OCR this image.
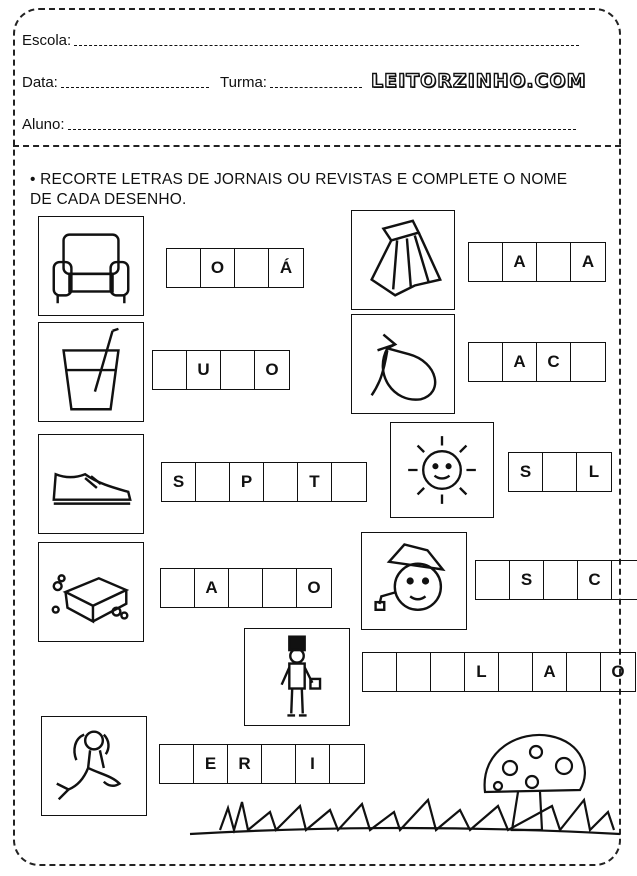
Escola:
Data:	Turma:	LEITORZINHO.COM
Aluno:
• RECORTE LETRAS DE JORNAIS OU REVISTAS E COMPLETE O NOME
DE CADA DESENHO.
O	Á	A	A
U	O	A	C
S	P	T
S	L
A	O	S	C
L	A	O
E	R	I
